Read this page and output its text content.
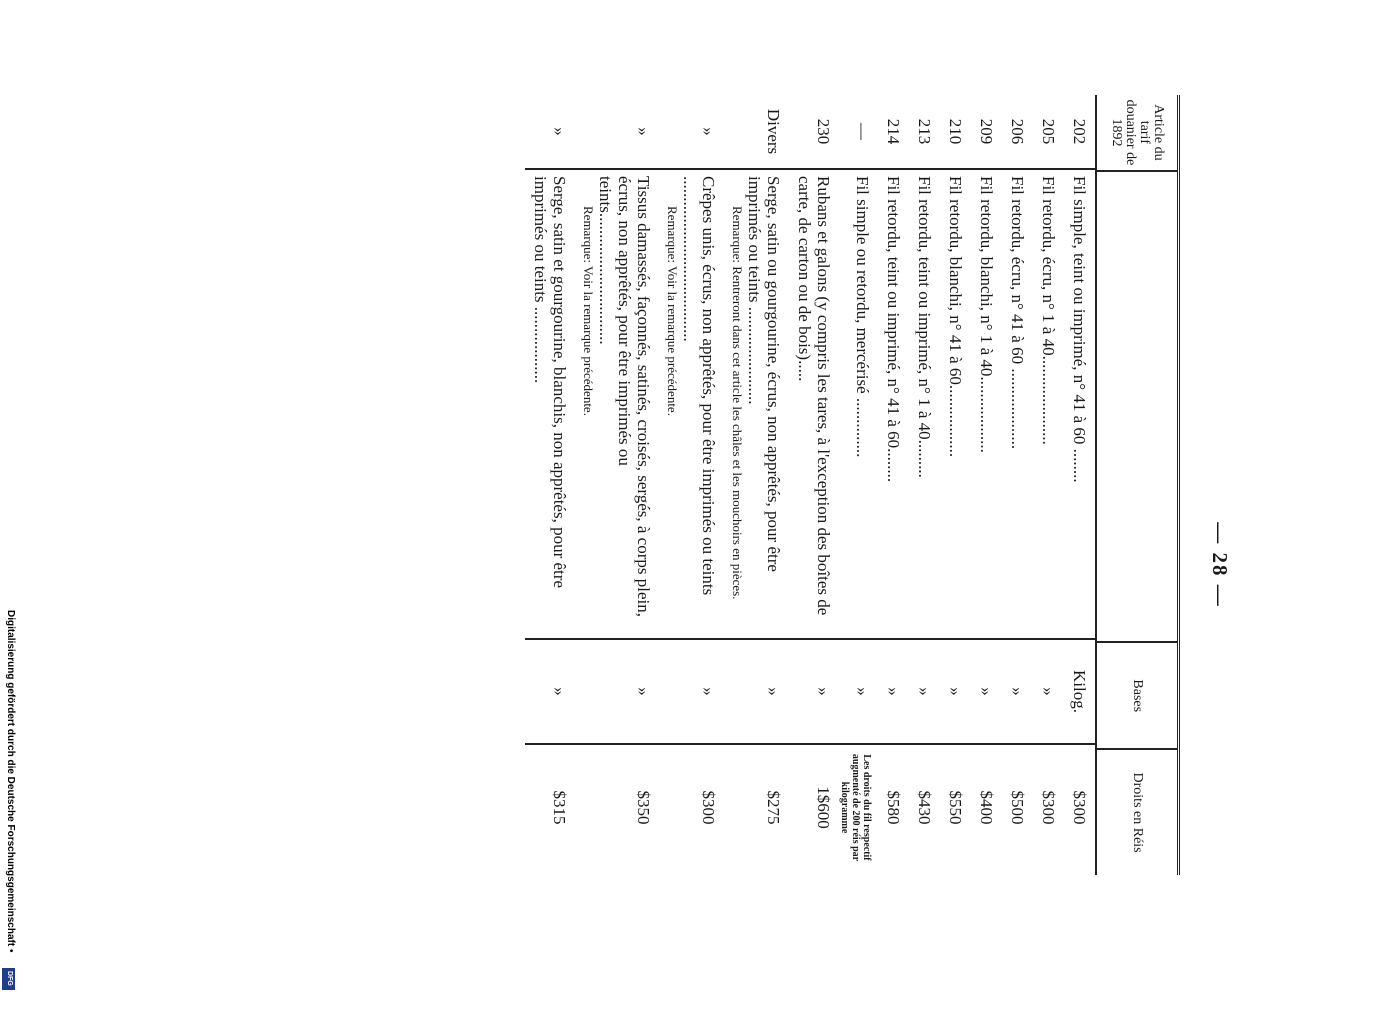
— 28 —
Article du tarif douanier de 1892
Bases
Droits en Réis
202
Fil simple, teint ou imprimé, n° 41 à 60 ........
Kilog.
$300
205
Fil retordu, écru, n° 1 à 40.....................
»
$300
206
Fil retordu, écru, n° 41 à 60 ...................
»
$500
209
Fil retordu, blanchi, n° 1 à 40..................
»
$400
210
Fil retordu, blanchi, n° 41 à 60.................
»
$550
213
Fil retordu, teint ou imprimé, n° 1 à 40.........
»
$430
214
Fil retordu, teint ou imprimé, n° 41 à 60........
»
$580
—
Fil simple ou retordu, mercérisé ..............
»
Les droits du fil respectif augmenté de 200 réis par kilogramme
230
Rubans et galons (y compris les tares, à l'exception des boîtes de carte, de carton ou de bois).....
»
1$600
Divers
Serge, satin ou gourgourine, écrus, non apprêtés, pour être imprimés ou teints .......................
Remarque: Rentreront dans cet article les châles et les mouchoirs en pièces.
»
$275
»
Crêpes unis, écrus, non apprêtés, pour être imprimés ou teints .......................................
Remarque: Voir la remarque précédente.
»
$300
»
Tissus damassés, façonnés, satinés, croisés, sergés, à corps plein, écrus, non apprêtés, pour être imprimés ou teints...............................
Remarque: Voir la remarque précédente.
»
$350
»
Serge, satin et gourgourine, blanchis, non apprêtés, pour être imprimés ou teints ..................
»
$315
Digitalisierung gefördert durch die Deutsche Forschungsgemeinschaft •
DFG
